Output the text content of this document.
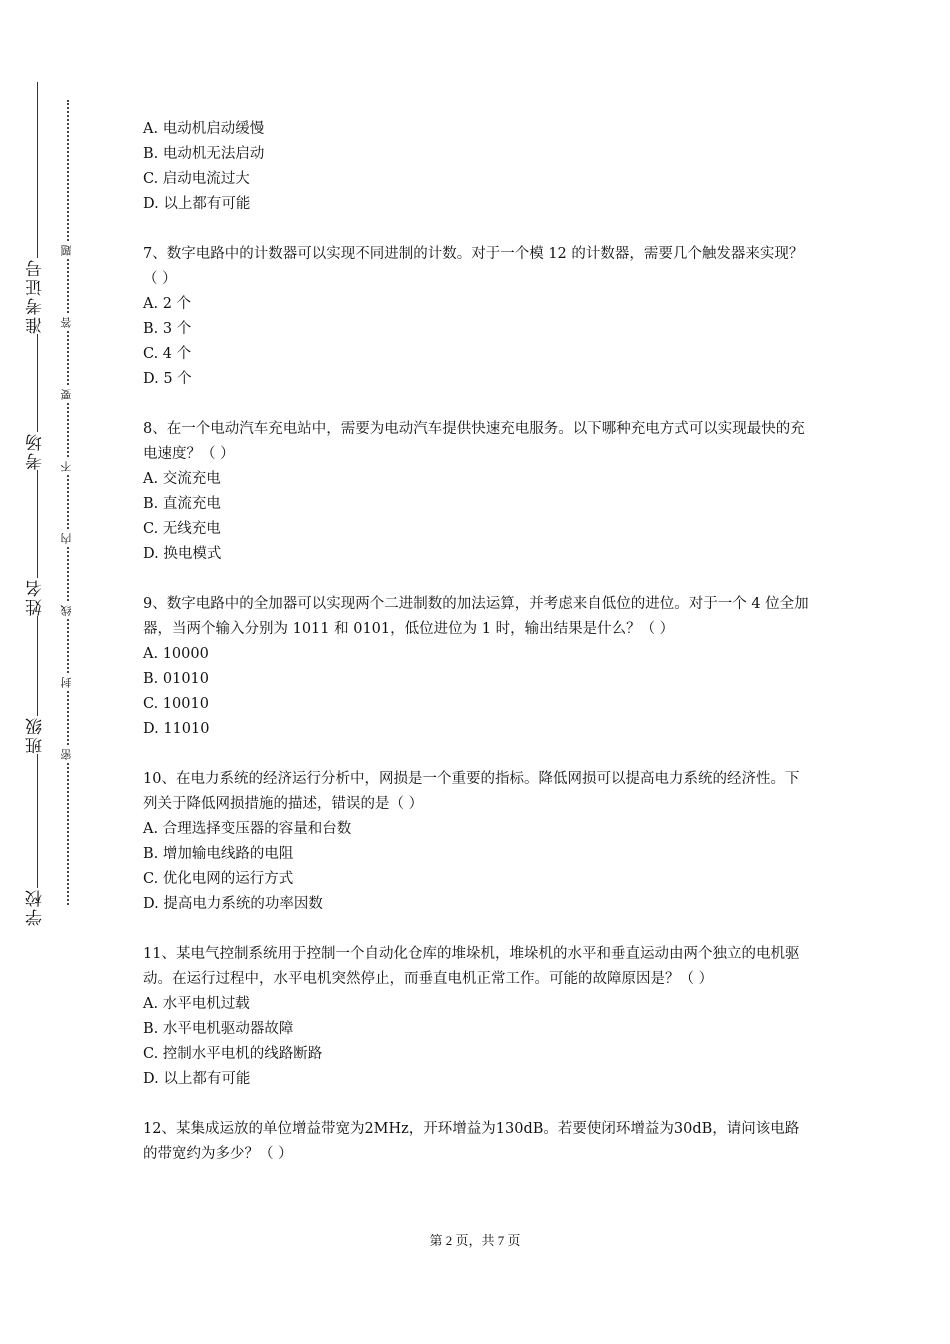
准考证号
考场
姓名
班级
学校
题
答
要
不
内
线
封
密

A. 电动机启动缓慢

B. 电动机无法启动

C. 启动电流过大

D. 以上都有可能

7、数字电路中的计数器可以实现不同进制的计数。对于一个模 12 的计数器，需要几个触发器来实现？（ ）

A. 2 个

B. 3 个

C. 4 个

D. 5 个

8、在一个电动汽车充电站中，需要为电动汽车提供快速充电服务。以下哪种充电方式可以实现最快的充电速度？（ ）

A. 交流充电

B. 直流充电

C. 无线充电

D. 换电模式

9、数字电路中的全加器可以实现两个二进制数的加法运算，并考虑来自低位的进位。对于一个 4 位全加器，当两个输入分别为 1011 和 0101，低位进位为 1 时，输出结果是什么？（ ）

A. 10000

B. 01010

C. 10010

D. 11010

10、在电力系统的经济运行分析中，网损是一个重要的指标。降低网损可以提高电力系统的经济性。下列关于降低网损措施的描述，错误的是（ ）

A. 合理选择变压器的容量和台数

B. 增加输电线路的电阻

C. 优化电网的运行方式

D. 提高电力系统的功率因数

11、某电气控制系统用于控制一个自动化仓库的堆垛机，堆垛机的水平和垂直运动由两个独立的电机驱动。在运行过程中，水平电机突然停止，而垂直电机正常工作。可能的故障原因是？（ ）

A. 水平电机过载

B. 水平电机驱动器故障

C. 控制水平电机的线路断路

D. 以上都有可能

12、某集成运放的单位增益带宽为2MHz，开环增益为130dB。若要使闭环增益为30dB，请问该电路的带宽约为多少？（ ）

第 2 页，共 7 页
